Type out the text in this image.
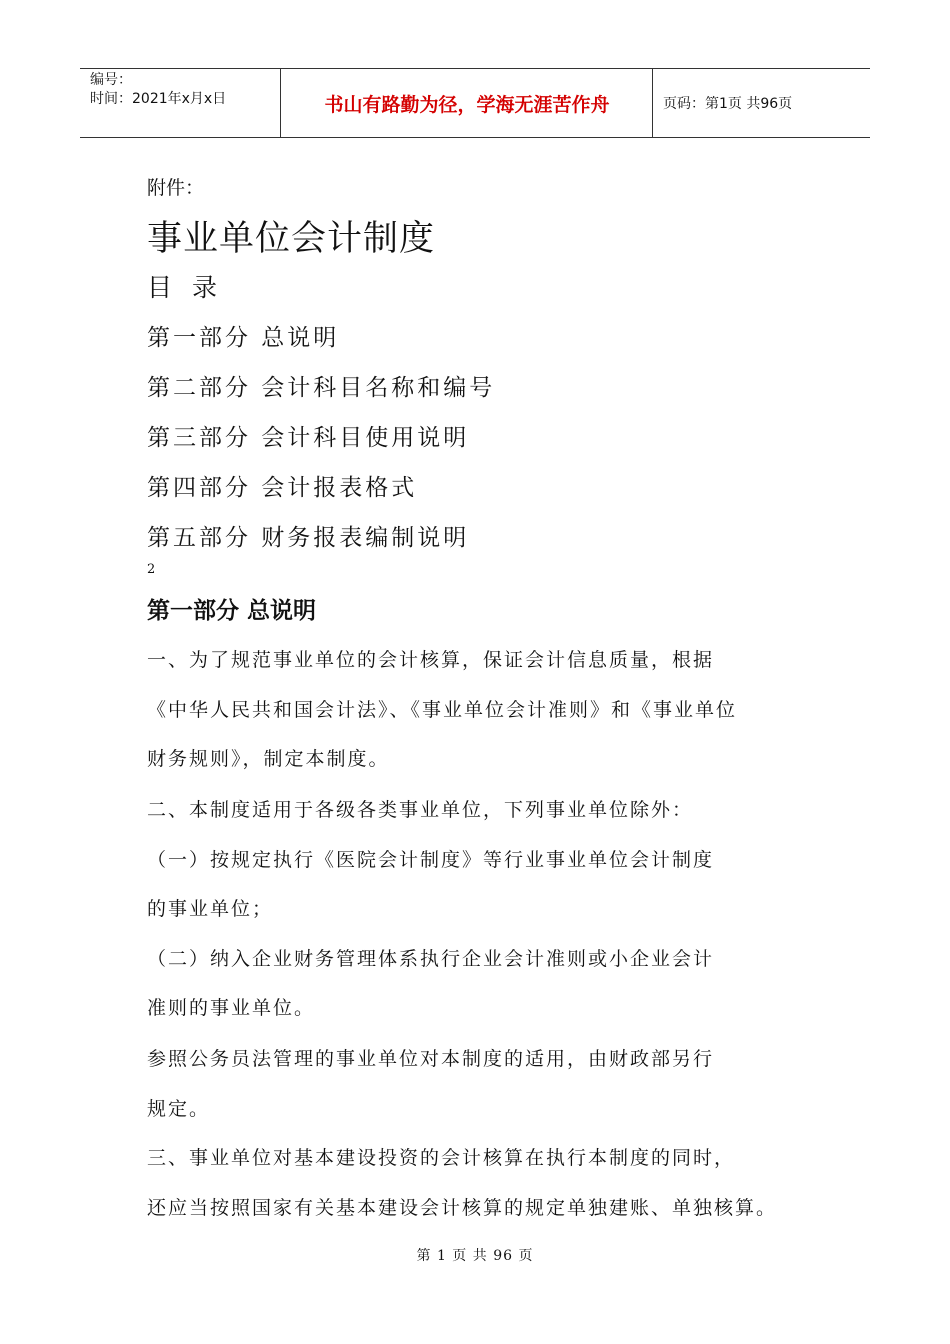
编号：
时间：2021年x月x日	书山有路勤为径，学海无涯苦作舟	页码：第1页 共96页
附件：
事业单位会计制度
目 录
第一部分 总说明
第二部分 会计科目名称和编号
第三部分 会计科目使用说明
第四部分 会计报表格式
第五部分 财务报表编制说明
2
第一部分 总说明
一、为了规范事业单位的会计核算，保证会计信息质量，根据
《中华人民共和国会计法》、《事业单位会计准则》和《事业单位
财务规则》，制定本制度。
二、本制度适用于各级各类事业单位，下列事业单位除外：
（一）按规定执行《医院会计制度》等行业事业单位会计制度
的事业单位；
（二）纳入企业财务管理体系执行企业会计准则或小企业会计
准则的事业单位。
参照公务员法管理的事业单位对本制度的适用，由财政部另行
规定。
三、事业单位对基本建设投资的会计核算在执行本制度的同时，
还应当按照国家有关基本建设会计核算的规定单独建账、单独核算。
第 1 页 共 96 页
